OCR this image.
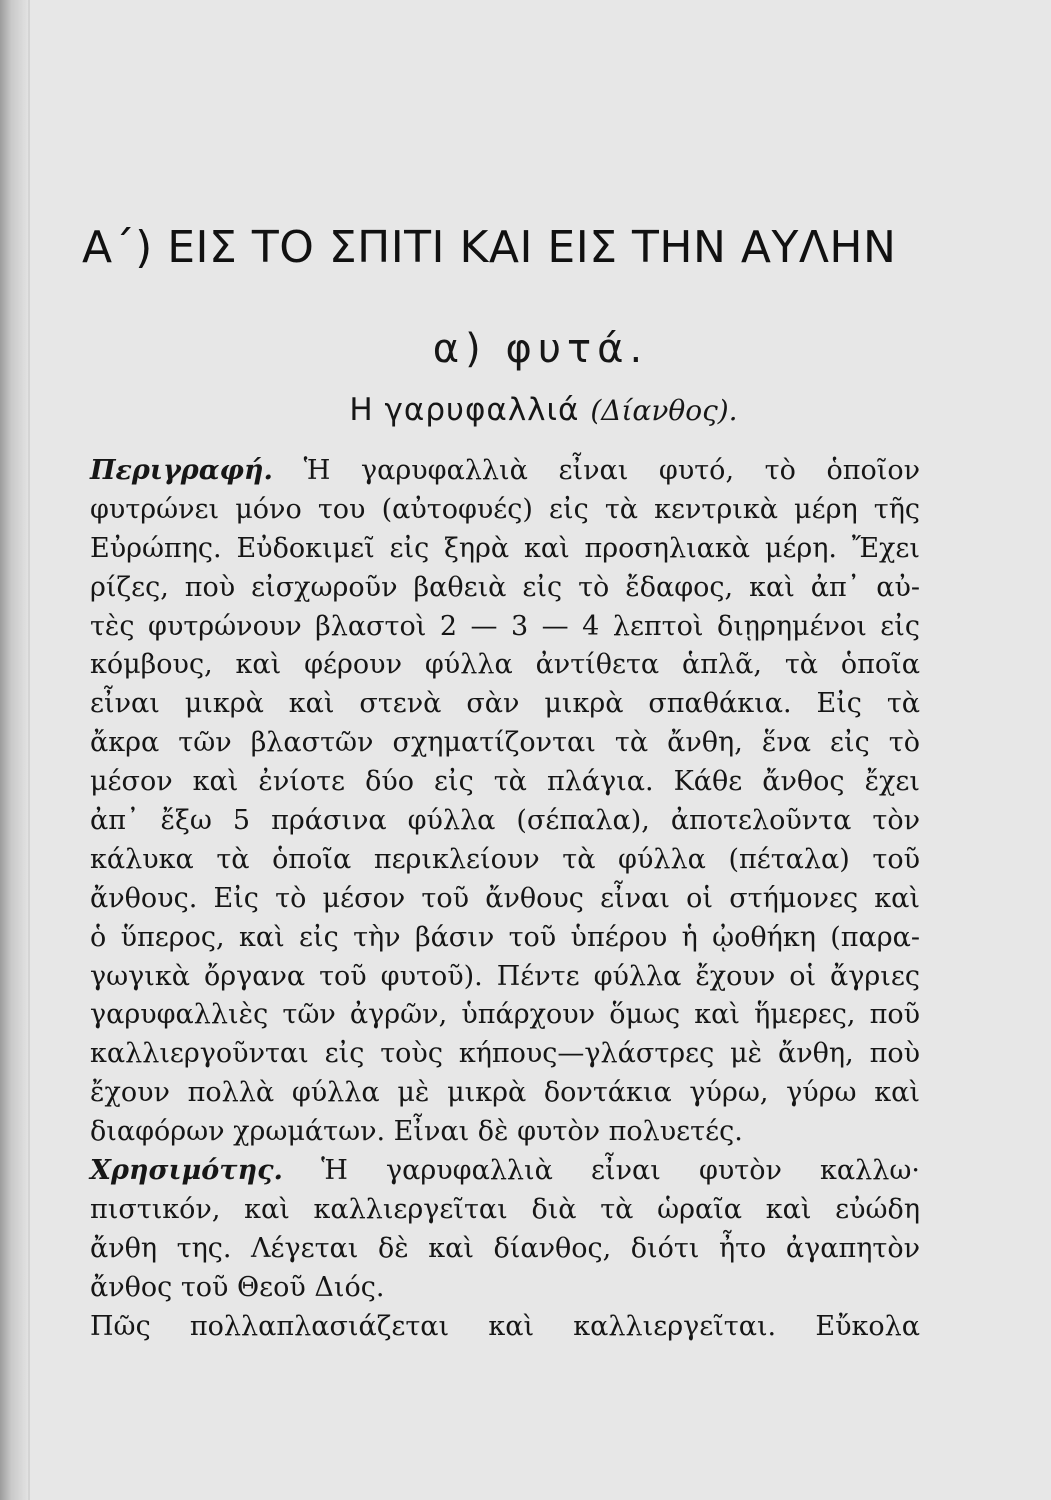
Α΄) ΕΙΣ ΤΟ ΣΠΙΤΙ ΚΑΙ ΕΙΣ ΤΗΝ ΑΥΛΗΝ
α) φυτά.
Η γαρυφαλλιά (Δίανθος).
Περιγραφή. Ἡ γαρυφαλλιὰ εἶναι φυτό, τὸ ὁποῖον
φυτρώνει μόνο του (αὐτοφυές) εἰς τὰ κεντρικὰ μέρη τῆς
Εὐρώπης. Εὐδοκιμεῖ εἰς ξηρὰ καὶ προσηλιακὰ μέρη. Ἔχει
ρίζες, ποὺ εἰσχωροῦν βαθειὰ εἰς τὸ ἔδαφος, καὶ ἀπ᾿ αὐ-
τὲς φυτρώνουν βλαστοὶ 2 — 3 — 4 λεπτοὶ διῃρημένοι εἰς
κόμβους, καὶ φέρουν φύλλα ἀντίθετα ἁπλᾶ, τὰ ὁποῖα
εἶναι μικρὰ καὶ στενὰ σὰν μικρὰ σπαθάκια. Εἰς τὰ
ἄκρα τῶν βλαστῶν σχηματίζονται τὰ ἄνθη, ἕνα εἰς τὸ
μέσον καὶ ἐνίοτε δύο εἰς τὰ πλάγια. Κάθε ἄνθος ἔχει
ἀπ᾿ ἔξω 5 πράσινα φύλλα (σέπαλα), ἀποτελοῦντα τὸν
κάλυκα τὰ ὁποῖα περικλείουν τὰ φύλλα (πέταλα) τοῦ
ἄνθους. Εἰς τὸ μέσον τοῦ ἄνθους εἶναι οἱ στήμονες καὶ
ὁ ὕπερος, καὶ εἰς τὴν βάσιν τοῦ ὑπέρου ἡ ᾠοθήκη (παρα-
γωγικὰ ὄργανα τοῦ φυτοῦ). Πέντε φύλλα ἔχουν οἱ ἄγριες
γαρυφαλλιὲς τῶν ἀγρῶν, ὑπάρχουν ὅμως καὶ ἥμερες, ποῦ
καλλιεργοῦνται εἰς τοὺς κήπους—γλάστρες μὲ ἄνθη, ποὺ
ἔχουν πολλὰ φύλλα μὲ μικρὰ δοντάκια γύρω, γύρω καὶ
διαφόρων χρωμάτων. Εἶναι δὲ φυτὸν πολυετές.
Χρησιμότης. Ἡ γαρυφαλλιὰ εἶναι φυτὸν καλλω·
πιστικόν, καὶ καλλιεργεῖται διὰ τὰ ὡραῖα καὶ εὐώδη
ἄνθη της. Λέγεται δὲ καὶ δίανθος, διότι ἦτο ἀγαπητὸν
ἄνθος τοῦ Θεοῦ Διός.
Πῶς πολλαπλασιάζεται καὶ καλλιεργεῖται. Εὔκολα
